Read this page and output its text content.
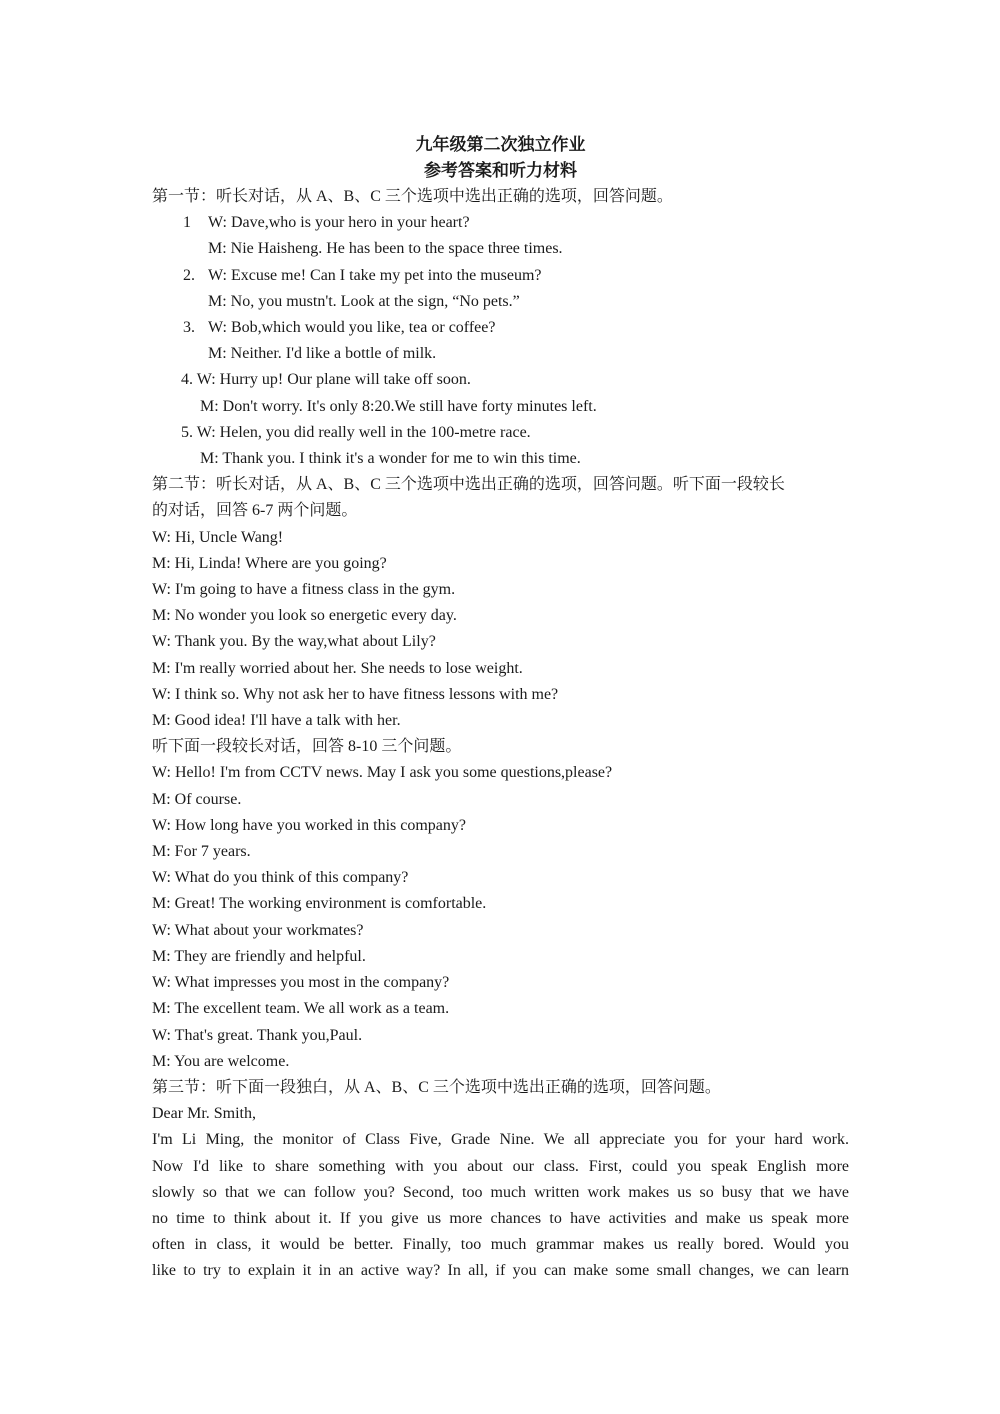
九年级第二次独立作业

参考答案和听力材料

第一节：听长对话，从 A、B、C 三个选项中选出正确的选项，回答问题。

1 W: Dave,who is your hero in your heart?

M: Nie Haisheng. He has been to the space three times.

2. W: Excuse me! Can I take my pet into the museum?

M: No, you mustn't. Look at the sign, “No pets.”

3. W: Bob,which would you like, tea or coffee?

M: Neither. I'd like a bottle of milk.

4. W: Hurry up! Our plane will take off soon.

M: Don't worry. It's only 8:20.We still have forty minutes left.

5. W: Helen, you did really well in the 100-metre race.

M: Thank you. I think it's a wonder for me to win this time.

第二节：听长对话，从 A、B、C 三个选项中选出正确的选项，回答问题。听下面一段较长

的对话，回答 6-7 两个问题。

W: Hi, Uncle Wang!

M: Hi, Linda! Where are you going?

W: I'm going to have a fitness class in the gym.

M: No wonder you look so energetic every day.

W: Thank you. By the way,what about Lily?

M: I'm really worried about her. She needs to lose weight.

W: I think so. Why not ask her to have fitness lessons with me?

M: Good idea! I'll have a talk with her.

听下面一段较长对话，回答 8-10 三个问题。

W: Hello! I'm from CCTV news. May I ask you some questions,please?

M: Of course.

W: How long have you worked in this company?

M: For 7 years.

W: What do you think of this company?

M: Great! The working environment is comfortable.

W: What about your workmates?

M: They are friendly and helpful.

W: What impresses you most in the company?

M: The excellent team. We all work as a team.

W: That's great. Thank you,Paul.

M: You are welcome.

第三节：听下面一段独白，从 A、B、C 三个选项中选出正确的选项，回答问题。

Dear Mr. Smith,

I'm Li Ming, the monitor of Class Five, Grade Nine. We all appreciate you for your hard work.

Now I'd like to share something with you about our class. First, could you speak English more

slowly so that we can follow you? Second, too much written work makes us so busy that we have

no time to think about it. If you give us more chances to have activities and make us speak more

often in class, it would be better. Finally, too much grammar makes us really bored. Would you

like to try to explain it in an active way? In all, if you can make some small changes, we can learn
